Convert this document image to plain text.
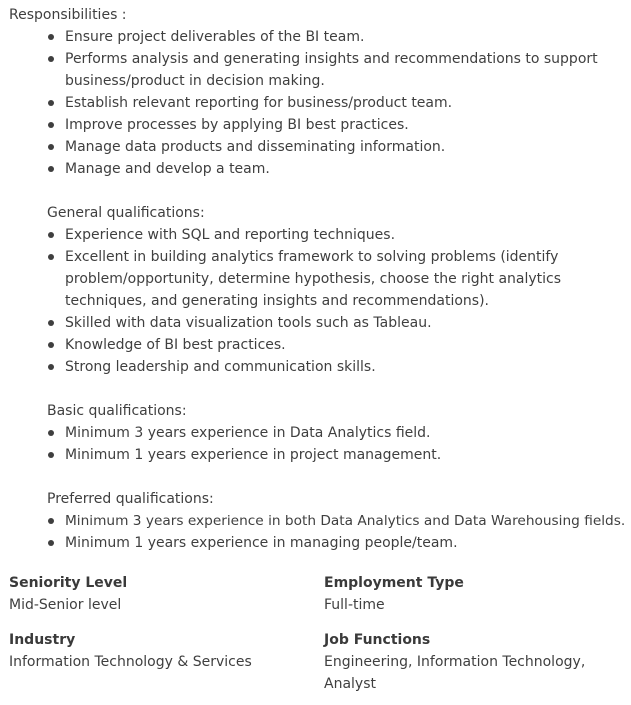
Responsibilities :
Ensure project deliverables of the BI team.
Performs analysis and generating insights and recommendations to support
business/product in decision making.
Establish relevant reporting for business/product team.
Improve processes by applying BI best practices.
Manage data products and disseminating information.
Manage and develop a team.
General qualifications:
Experience with SQL and reporting techniques.
Excellent in building analytics framework to solving problems (identify
problem/opportunity, determine hypothesis, choose the right analytics
techniques, and generating insights and recommendations).
Skilled with data visualization tools such as Tableau.
Knowledge of BI best practices.
Strong leadership and communication skills.
Basic qualifications:
Minimum 3 years experience in Data Analytics field.
Minimum 1 years experience in project management.
Preferred qualifications:
Minimum 3 years experience in both Data Analytics and Data Warehousing fields.
Minimum 1 years experience in managing people/team.
Seniority Level
Mid-Senior level
Employment Type
Full-time
Industry
Information Technology & Services
Job Functions
Engineering, Information Technology,
Analyst
